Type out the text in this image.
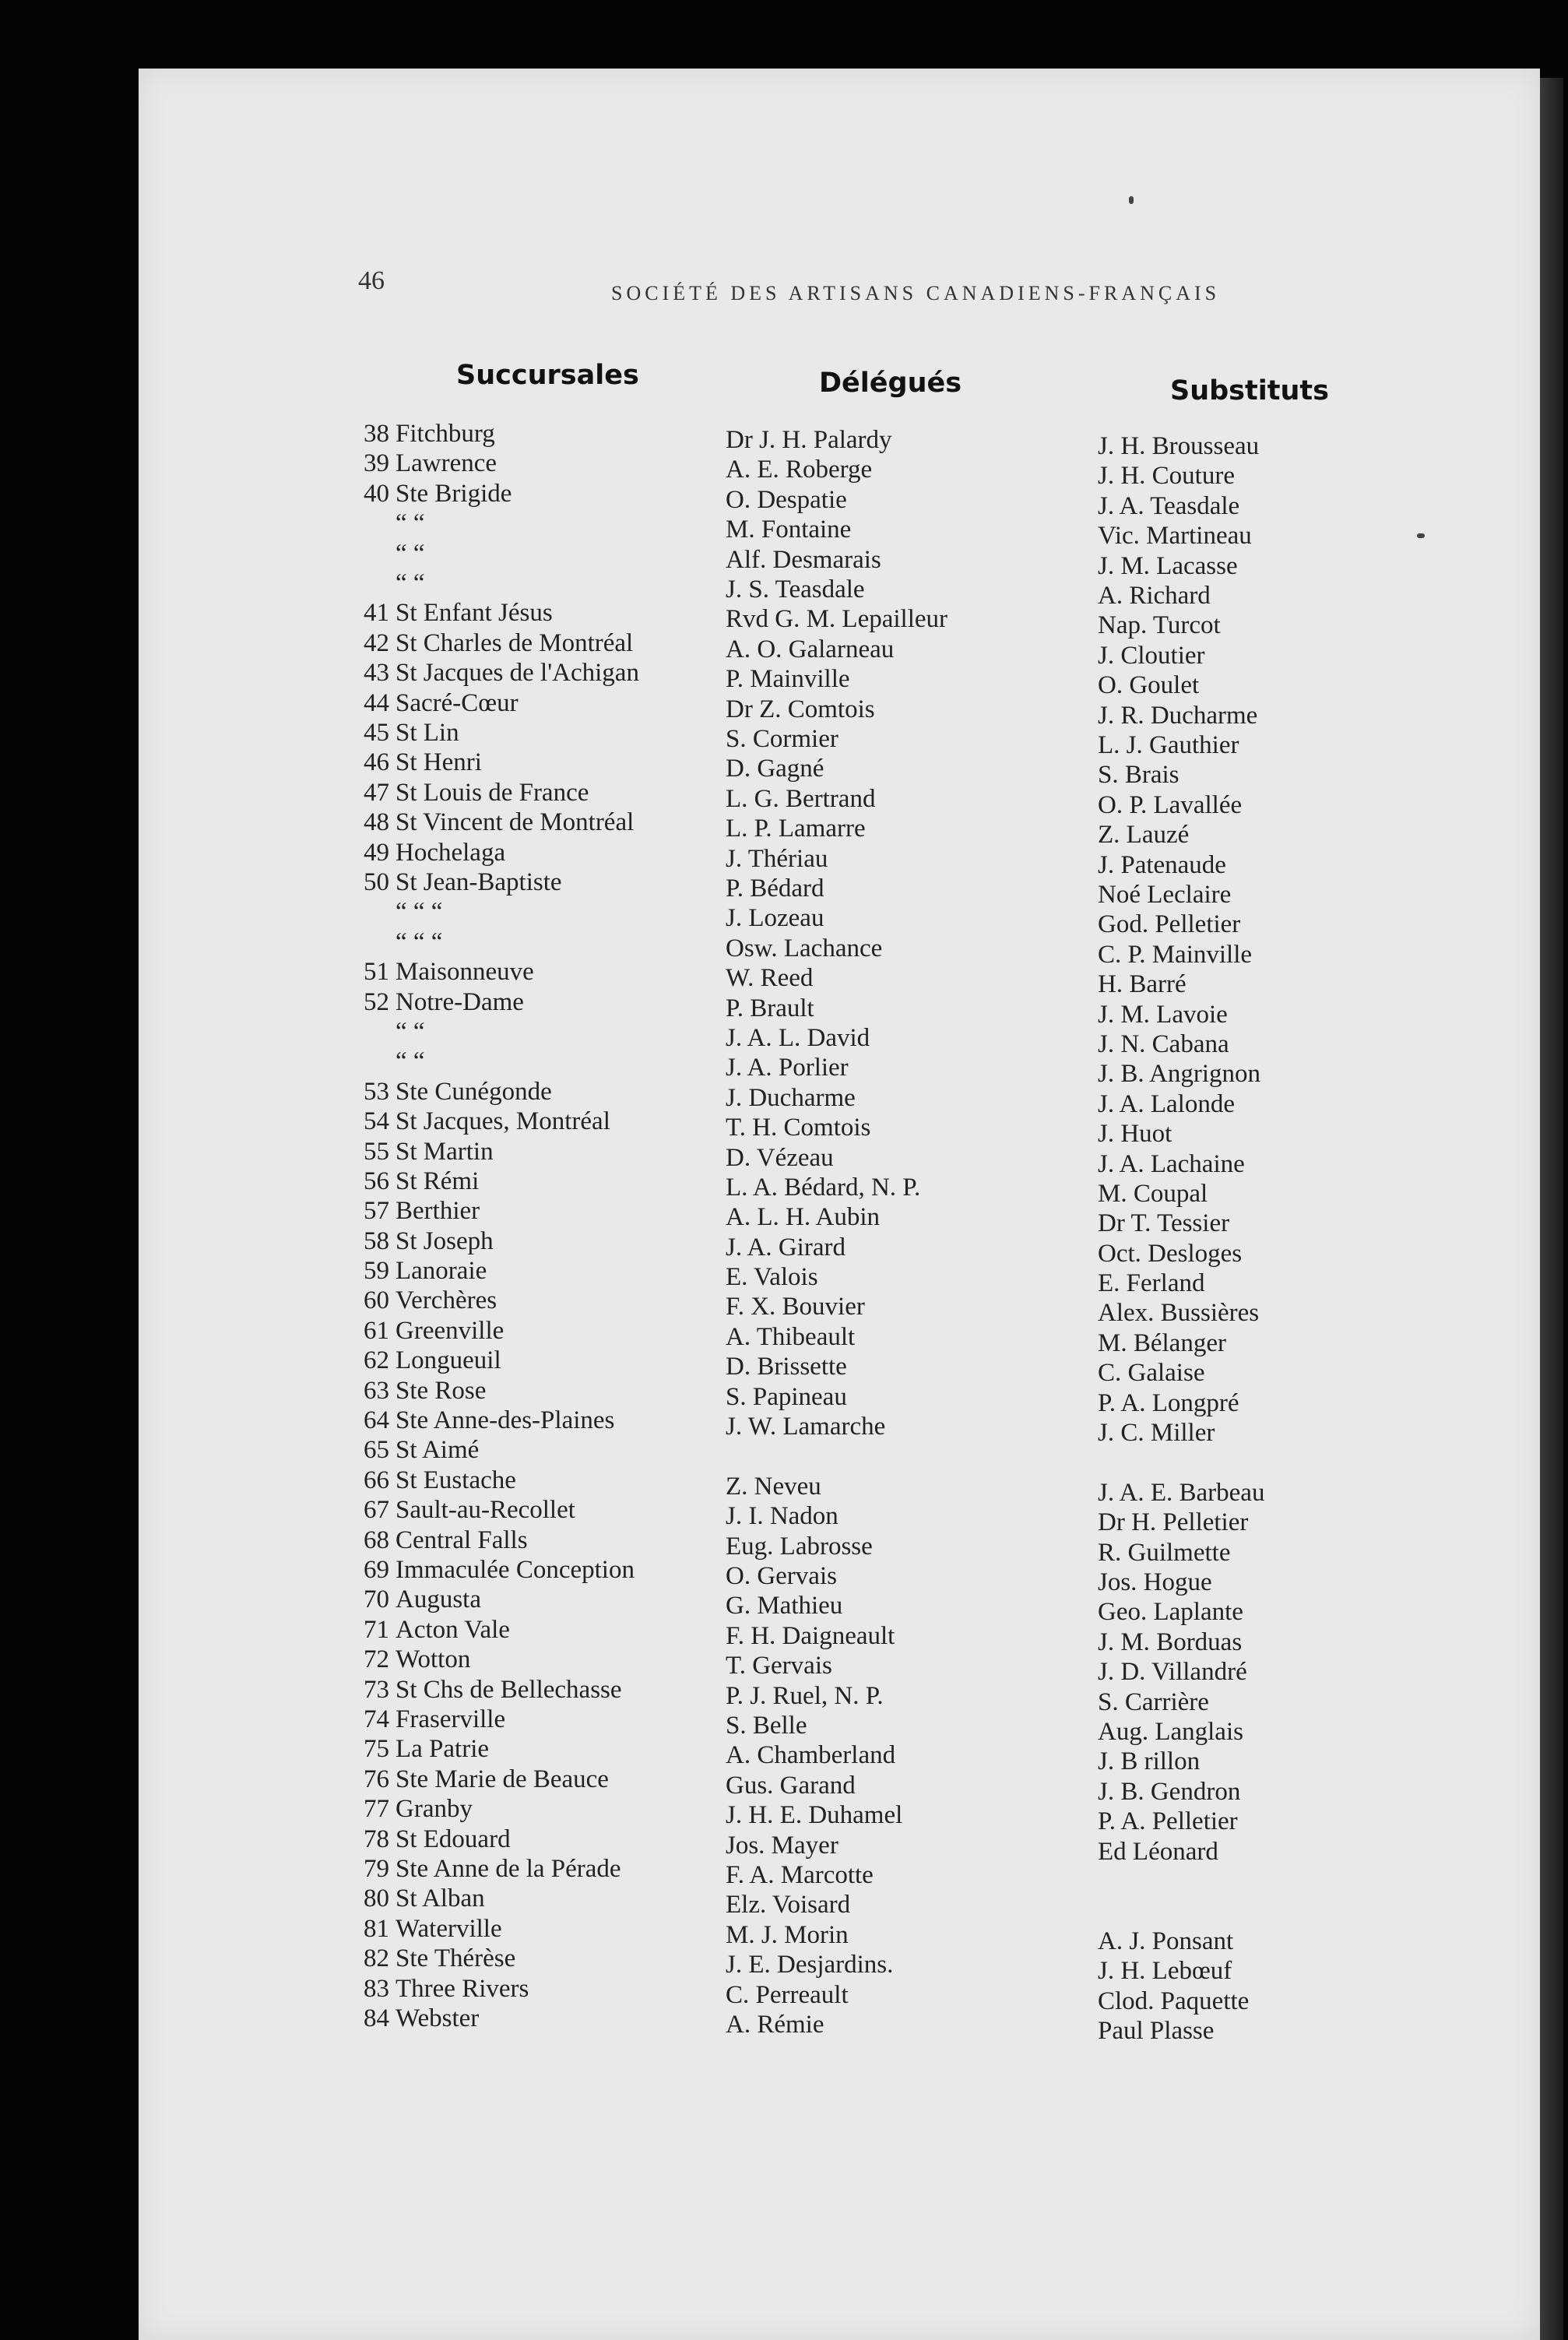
46	SOCIÉTÉ DES ARTISANS CANADIENS-FRANÇAIS
Succursales	Délégués	Substituts
38 Fitchburg	Dr J. H. Palardy	J. H. Brousseau
39 Lawrence	A. E. Roberge	J. H. Couture
40 Ste Brigide	O. Despatie	J. A. Teasdale
“ “	M. Fontaine	Vic. Martineau
“ “	Alf. Desmarais	J. M. Lacasse
“ “	J. S. Teasdale	A. Richard
41 St Enfant Jésus	Rvd G. M. Lepailleur	Nap. Turcot
42 St Charles de Montréal	A. O. Galarneau	J. Cloutier
43 St Jacques de l'Achigan	P. Mainville	O. Goulet
44 Sacré-Cœur	Dr Z. Comtois	J. R. Ducharme
45 St Lin	S. Cormier	L. J. Gauthier
46 St Henri	D. Gagné	S. Brais
47 St Louis de France	L. G. Bertrand	O. P. Lavallée
48 St Vincent de Montréal	L. P. Lamarre	Z. Lauzé
49 Hochelaga	J. Thériau	J. Patenaude
50 St Jean-Baptiste	P. Bédard	Noé Leclaire
“ “ “	J. Lozeau	God. Pelletier
“ “ “	Osw. Lachance	C. P. Mainville
51 Maisonneuve	W. Reed	H. Barré
52 Notre-Dame	P. Brault	J. M. Lavoie
“ “	J. A. L. David	J. N. Cabana
“ “	J. A. Porlier	J. B. Angrignon
53 Ste Cunégonde	J. Ducharme	J. A. Lalonde
54 St Jacques, Montréal	T. H. Comtois	J. Huot
55 St Martin	D. Vézeau	J. A. Lachaine
56 St Rémi	L. A. Bédard, N. P.	M. Coupal
57 Berthier	A. L. H. Aubin	Dr T. Tessier
58 St Joseph	J. A. Girard	Oct. Desloges
59 Lanoraie	E. Valois	E. Ferland
60 Verchères	F. X. Bouvier	Alex. Bussières
61 Greenville	A. Thibeault	M. Bélanger
62 Longueuil	D. Brissette	C. Galaise
63 Ste Rose	S. Papineau	P. A. Longpré
64 Ste Anne-des-Plaines	J. W. Lamarche	J. C. Miller
65 St Aimé
66 St Eustache	Z. Neveu	J. A. E. Barbeau
67 Sault-au-Recollet	J. I. Nadon	Dr H. Pelletier
68 Central Falls	Eug. Labrosse	R. Guilmette
69 Immaculée Conception	O. Gervais	Jos. Hogue
70 Augusta	G. Mathieu	Geo. Laplante
71 Acton Vale	F. H. Daigneault	J. M. Borduas
72 Wotton	T. Gervais	J. D. Villandré
73 St Chs de Bellechasse	P. J. Ruel, N. P.	S. Carrière
74 Fraserville	S. Belle	Aug. Langlais
75 La Patrie	A. Chamberland	J. B rillon
76 Ste Marie de Beauce	Gus. Garand	J. B. Gendron
77 Granby	J. H. E. Duhamel	P. A. Pelletier
78 St Edouard	Jos. Mayer	Ed Léonard
79 Ste Anne de la Pérade	F. A. Marcotte
80 St Alban	Elz. Voisard
81 Waterville	M. J. Morin	A. J. Ponsant
82 Ste Thérèse	J. E. Desjardins.	J. H. Lebœuf
83 Three Rivers	C. Perreault	Clod. Paquette
84 Webster	A. Rémie	Paul Plasse
